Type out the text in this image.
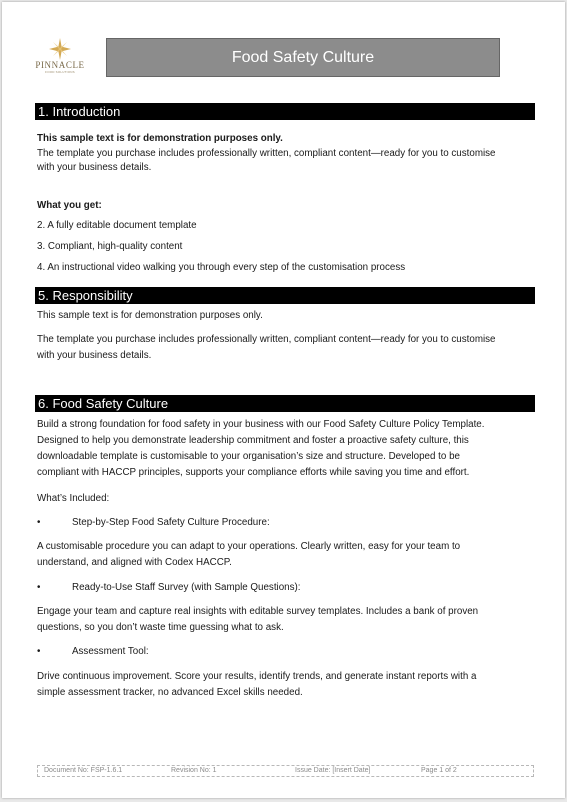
PINNACLE
FOOD SOLUTIONS
Food Safety Culture
1. Introduction

This sample text is for demonstration purposes only.

The template you purchase includes professionally written, compliant content—ready for you to customise

with your business details.

What you get:

2. A fully editable document template

3. Compliant, high-quality content

4. An instructional video walking you through every step of the customisation process

5. Responsibility

This sample text is for demonstration purposes only.

The template you purchase includes professionally written, compliant content—ready for you to customise

with your business details.

6. Food Safety Culture

Build a strong foundation for food safety in your business with our Food Safety Culture Policy Template.

Designed to help you demonstrate leadership commitment and foster a proactive safety culture, this

downloadable template is customisable to your organisation’s size and structure. Developed to be

compliant with HACCP principles, supports your compliance efforts while saving you time and effort.

What’s Included:

•	Step-by-Step Food Safety Culture Procedure:

A customisable procedure you can adapt to your operations. Clearly written, easy for your team to

understand, and aligned with Codex HACCP.

•	Ready-to-Use Staff Survey (with Sample Questions):

Engage your team and capture real insights with editable survey templates. Includes a bank of proven

questions, so you don’t waste time guessing what to ask.

•	Assessment Tool:

Drive continuous improvement. Score your results, identify trends, and generate instant reports with a

simple assessment tracker, no advanced Excel skills needed.

Document No: FSP-1.6.1	Revision No: 1	Issue Date: [Insert Date]	Page 1 of 2
